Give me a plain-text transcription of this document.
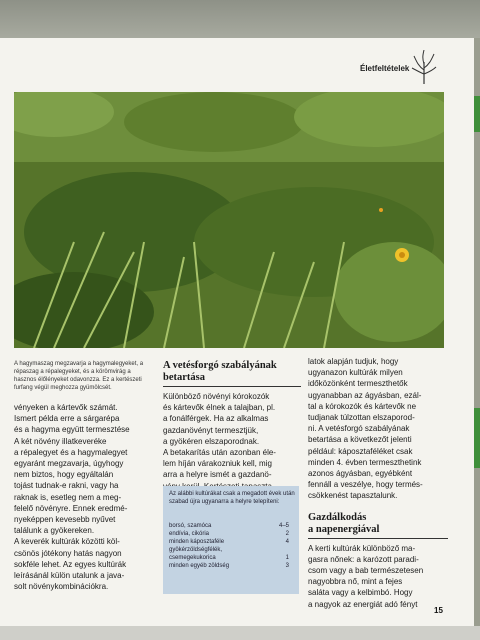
Életfeltételek
A hagymaszag megzavarja a hagymalegyeket, a répaszag a répalegyeket, és a körömvirág a hasznos élőlényeket odavonzza. Ez a kertészeti furfang végül meghozza gyümölcsét.

vényeken a kártevők számát.

Ismert példa erre a sárgarépa

és a hagyma együtt termesztése

A két növény illatkeveréke

a répalegyet és a hagymalegyet

egyaránt megzavarja, úgyhogy

nem biztos, hogy egyáltalán

tojást tudnak-e rakni, vagy ha

raknak is, esetleg nem a meg-

felelő növényre. Ennek eredmé-

nyeképpen kevesebb nyűvet

találunk a gyökereken.

A keverék kultúrák közötti köl-

csönös jótékony hatás nagyon

sokféle lehet. Az egyes kultúrák

leírásánál külön utalunk a java-

solt növénykombinációkra.

A vetésforgó szabályának
betartása

Különböző növényi kórokozók

és kártevők élnek a talajban, pl.

a fonálférgek. Ha az alkalmas

gazdanövényt termesztjük,

a gyökéren elszaporodnak.

A betakarítás után azonban éle-

lem híján várakozniuk kell, mig

arra a helyre ismét a gazdanö-

Az alábbi kultúrákat csak a megadott évek után szabad újra ugyanarra a helyre telepíteni:
borsó, szamóca	4–5
endívia, cikória	2
minden káposztaféle	4
gyökérzöldségfélék,
csemegekukorica	1
minden egyéb zöldség	3

latok alapján tudjuk, hogy

ugyanazon kultúrák milyen

időközönként termeszthetők

ugyanabban az ágyásban, ezál-

tal a kórokozók és kártevők ne

tudjanak túlzottan elszaporod-

ni. A vetésforgó szabályának

betartása a következőt jelenti

például: káposztaféléket csak

minden 4. évben termeszthetink

azonos ágyásban, egyébként

fennáll a veszélye, hogy termés-

csökkenést tapasztalunk.

Gazdálkodás
a napenergiával

A kerti kultúrák különböző ma-

gasra nőnek: a karózott paradi-

csom vagy a bab természetesen

nagyobbra nő, mint a fejes

saláta vagy a kelbimbó. Hogy

a nagyok az energiát adó fényt

15
